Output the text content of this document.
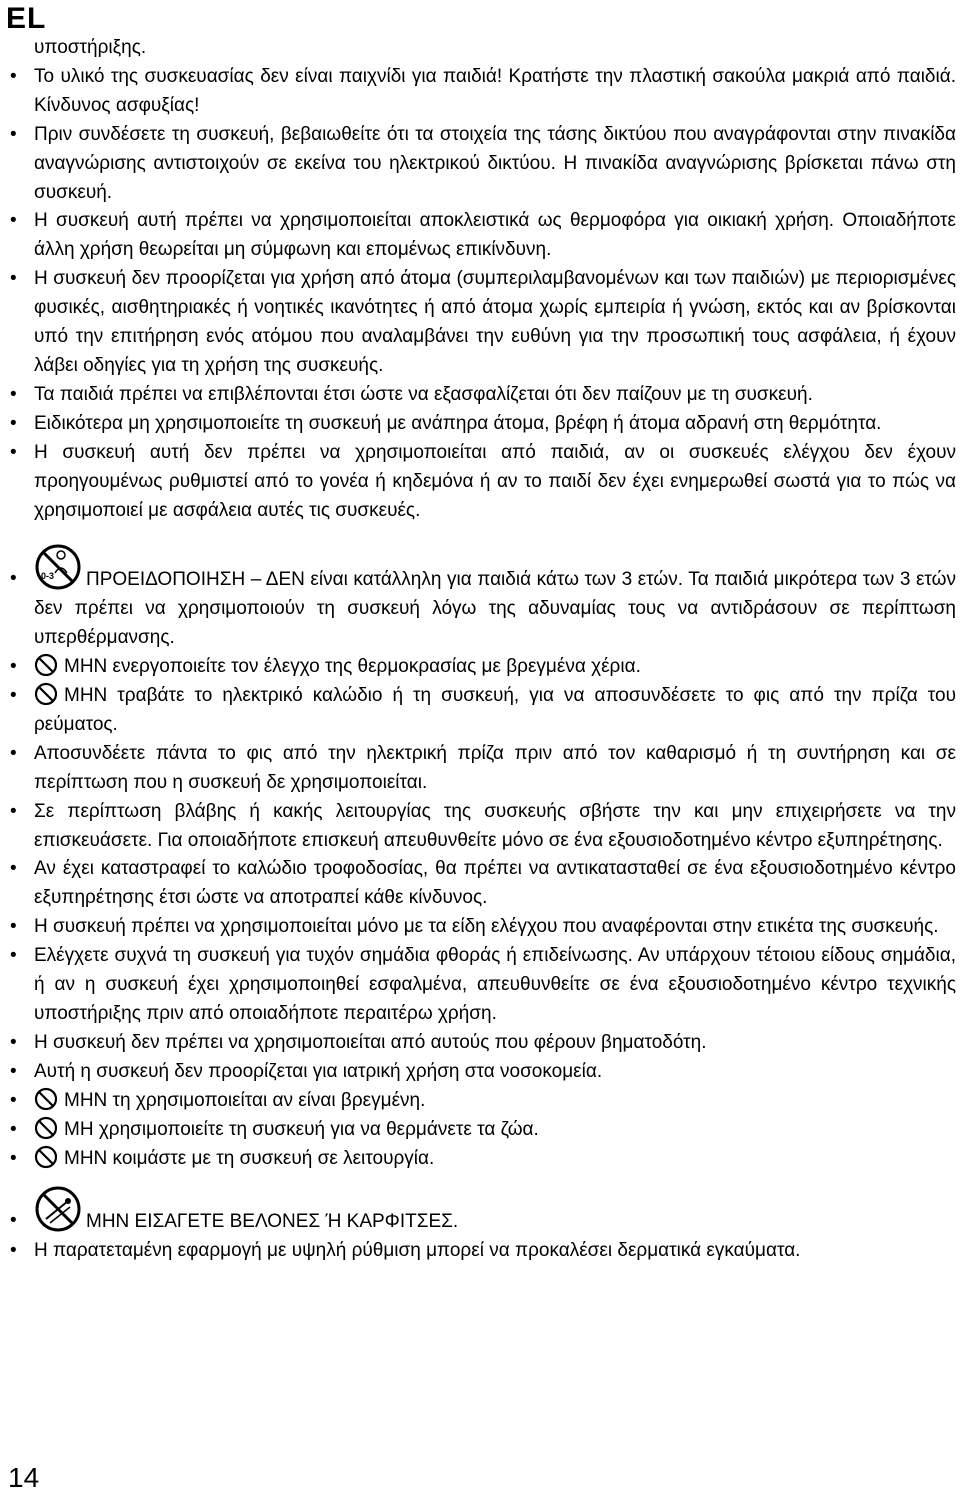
EL
υποστήριξης.
• Το υλικό της συσκευασίας δεν είναι παιχνίδι για παιδιά! Κρατήστε την πλαστική σακούλα μακριά από παιδιά. Κίνδυνος ασφυξίας!
• Πριν συνδέσετε τη συσκευή, βεβαιωθείτε ότι τα στοιχεία της τάσης δικτύου που αναγράφονται στην πινακίδα αναγνώρισης αντιστοιχούν σε εκείνα του ηλεκτρικού δικτύου. Η πινακίδα αναγνώρισης βρίσκεται πάνω στη συσκευή.
• Η συσκευή αυτή πρέπει να χρησιμοποιείται αποκλειστικά ως θερμοφόρα για οικιακή χρήση. Οποιαδήποτε άλλη χρήση θεωρείται μη σύμφωνη και επομένως επικίνδυνη.
• Η συσκευή δεν προορίζεται για χρήση από άτομα (συμπεριλαμβανομένων και των παιδιών) με περιορισμένες φυσικές, αισθητηριακές ή νοητικές ικανότητες ή από άτομα χωρίς εμπειρία ή γνώση, εκτός και αν βρίσκονται υπό την επιτήρηση ενός ατόμου που αναλαμβάνει την ευθύνη για την προσωπική τους ασφάλεια, ή έχουν λάβει οδηγίες για τη χρήση της συσκευής.
• Τα παιδιά πρέπει να επιβλέπονται έτσι ώστε να εξασφαλίζεται ότι δεν παίζουν με τη συσκευή.
• Ειδικότερα μη χρησιμοποιείτε τη συσκευή με ανάπηρα άτομα, βρέφη ή άτομα αδρανή στη θερμότητα.
• Η συσκευή αυτή δεν πρέπει να χρησιμοποιείται από παιδιά, αν οι συσκευές ελέγχου δεν έχουν προηγουμένως ρυθμιστεί από το γονέα ή κηδεμόνα ή αν το παιδί δεν έχει ενημερωθεί σωστά για το πώς να χρησιμοποιεί με ασφάλεια αυτές τις συσκευές.
• 0-3 ΠΡΟΕΙΔΟΠΟΙΗΣΗ – ΔΕΝ είναι κατάλληλη για παιδιά κάτω των 3 ετών. Τα παιδιά μικρότερα των 3 ετών δεν πρέπει να χρησιμοποιούν τη συσκευή λόγω της αδυναμίας τους να αντιδράσουν σε περίπτωση υπερθέρμανσης.
• ΜΗΝ ενεργοποιείτε τον έλεγχο της θερμοκρασίας με βρεγμένα χέρια.
• ΜΗΝ τραβάτε το ηλεκτρικό καλώδιο ή τη συσκευή, για να αποσυνδέσετε το φις από την πρίζα του ρεύματος.
• Αποσυνδέετε πάντα το φις από την ηλεκτρική πρίζα πριν από τον καθαρισμό ή τη συντήρηση και σε περίπτωση που η συσκευή δε χρησιμοποιείται.
• Σε περίπτωση βλάβης ή κακής λειτουργίας της συσκευής σβήστε την και μην επιχειρήσετε να την επισκευάσετε. Για οποιαδήποτε επισκευή απευθυνθείτε μόνο σε ένα εξουσιοδοτημένο κέντρο εξυπηρέτησης.
• Αν έχει καταστραφεί το καλώδιο τροφοδοσίας, θα πρέπει να αντικατασταθεί σε ένα εξουσιοδοτημένο κέντρο εξυπηρέτησης έτσι ώστε να αποτραπεί κάθε κίνδυνος.
• Η συσκευή πρέπει να χρησιμοποιείται μόνο με τα είδη ελέγχου που αναφέρονται στην ετικέτα της συσκευής.
• Ελέγχετε συχνά τη συσκευή για τυχόν σημάδια φθοράς ή επιδείνωσης. Αν υπάρχουν τέτοιου είδους σημάδια, ή αν η συσκευή έχει χρησιμοποιηθεί εσφαλμένα, απευθυνθείτε σε ένα εξουσιοδοτημένο κέντρο τεχνικής υποστήριξης πριν από οποιαδήποτε περαιτέρω χρήση.
• Η συσκευή δεν πρέπει να χρησιμοποιείται από αυτούς που φέρουν βηματοδότη.
• Αυτή η συσκευή δεν προορίζεται για ιατρική χρήση στα νοσοκομεία.
• ΜΗΝ τη χρησιμοποιείται αν είναι βρεγμένη.
• ΜΗ χρησιμοποιείτε τη συσκευή για να θερμάνετε τα ζώα.
• ΜΗΝ κοιμάστε με τη συσκευή σε λειτουργία.
• ΜΗΝ ΕΙΣΑΓΕΤΕ ΒΕΛΟΝΕΣ Ή ΚΑΡΦΙΤΣΕΣ.
• Η παρατεταμένη εφαρμογή με υψηλή ρύθμιση μπορεί να προκαλέσει δερματικά εγκαύματα.
14
